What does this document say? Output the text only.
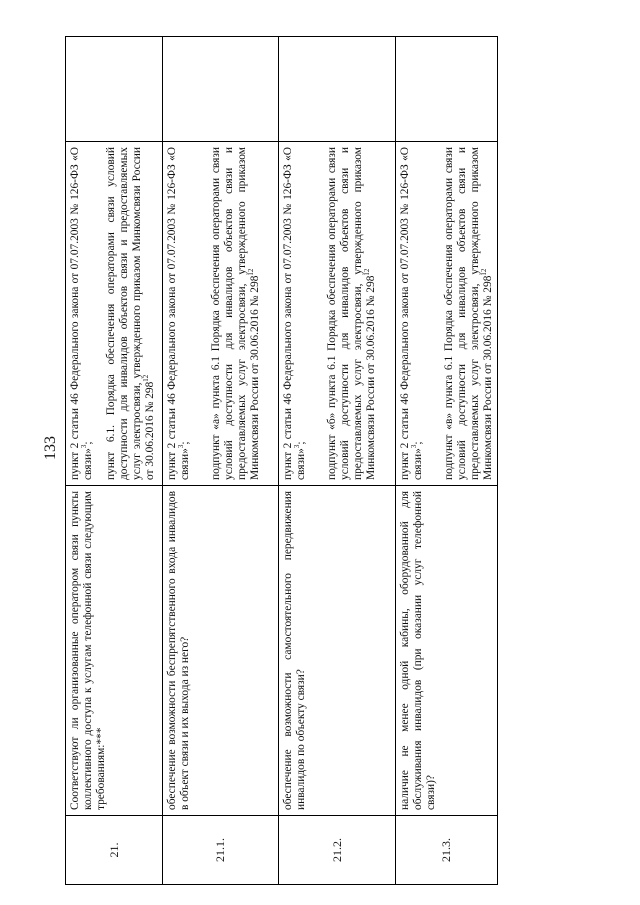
133
21.	Соответствуют ли организованные оператором связи пункты коллективного доступа к услугам телефонной связи следующим требованиям:***	пункт 2 статьи 46 Федерального закона от 07.07.2003 № 126-ФЗ «О связи»$^3$; пункт 6.1. Порядка обеспечения операторами связи условий доступности для инвалидов объектов связи и предоставляемых услуг электросвязи, утвержденного приказом Минкомсвязи России от 30.06.2016 № $298^{12}$

21.1.	обеспечение возможности беспрепятственного входа инвалидов в объект связи и их выхода из него?	пункт 2 статьи 46 Федерального закона от 07.07.2003 № 126-ФЗ «О связи»$^3$; подпункт «а» пункта 6.1 Порядка обеспечения операторами связи условий доступности для инвалидов объектов связи и предоставляемых услуг электросвязи, утвержденного приказом Минкомсвязи России от 30.06.2016 № $298^{12}$

21.2.	обеспечение возможности самостоятельного передвижения инвалидов по объекту связи?	пункт 2 статьи 46 Федерального закона от 07.07.2003 № 126-ФЗ «О связи»$^3$; подпункт «б» пункта 6.1 Порядка обеспечения операторами связи условий доступности для инвалидов объектов связи и предоставляемых услуг электросвязи, утвержденного приказом Минкомсвязи России от 30.06.2016 № $298^{12}$

21.3.	наличие не менее одной кабины, оборудованной для обслуживания инвалидов (при оказании услуг телефонной связи)?	пункт 2 статьи 46 Федерального закона от 07.07.2003 № 126-ФЗ «О связи»$^3$; подпункт «в» пункта 6.1 Порядка обеспечения операторами связи условий доступности для инвалидов объектов связи и предоставляемых услуг электросвязи, утвержденного приказом Минкомсвязи России от 30.06.2016 № $298^{12}$
